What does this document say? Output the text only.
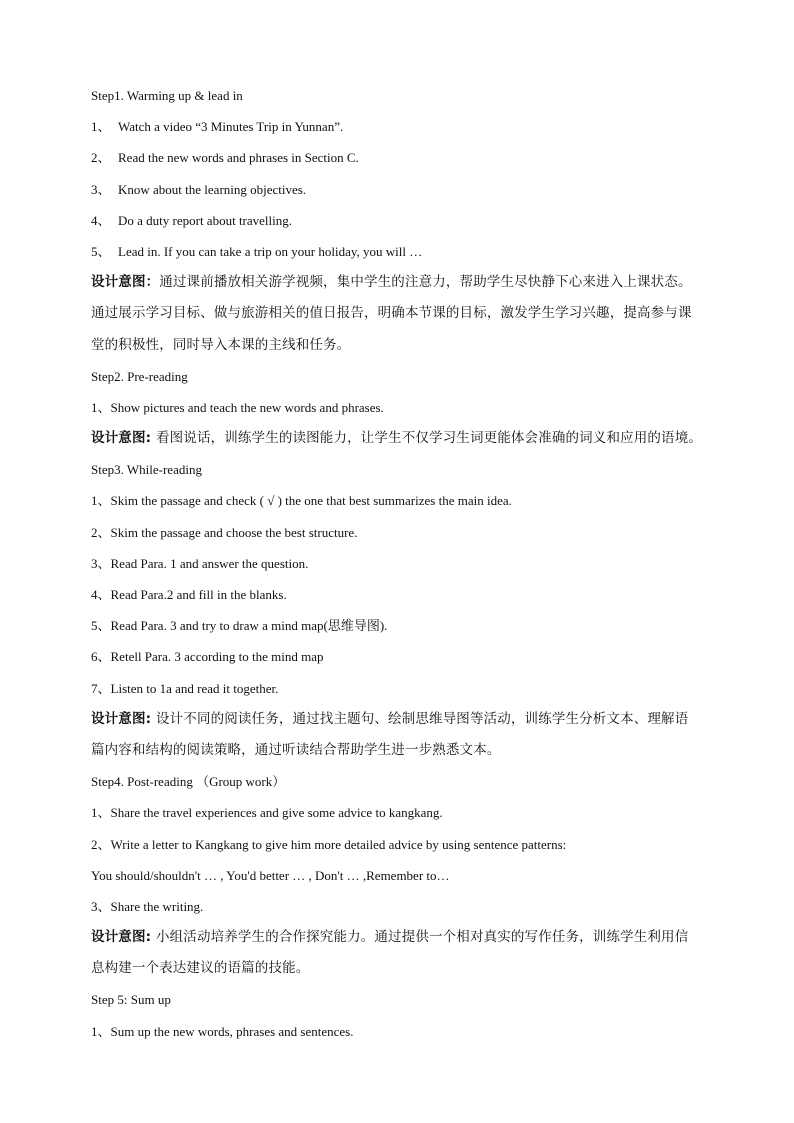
Step1. Warming up & lead in
1、 Watch a video “3 Minutes Trip in Yunnan”.
2、 Read the new words and phrases in Section C.
3、 Know about the learning objectives.
4、 Do a duty report about travelling.
5、 Lead in. If you can take a trip on your holiday, you will …
设计意图：通过课前播放相关游学视频，集中学生的注意力，帮助学生尽快静下心来进入上课状态。
通过展示学习目标、做与旅游相关的值日报告，明确本节课的目标，激发学生学习兴趣，提高参与课
堂的积极性，同时导入本课的主线和任务。
Step2. Pre-reading
1、Show pictures and teach the new words and phrases.
设计意图: 看图说话，训练学生的读图能力，让学生不仅学习生词更能体会准确的词义和应用的语境。
Step3. While-reading
1、Skim the passage and check ( √ ) the one that best summarizes the main idea.
2、Skim the passage and choose the best structure.
3、Read Para. 1 and answer the question.
4、Read Para.2 and fill in the blanks.
5、Read Para. 3 and try to draw a mind map(思维导图).
6、Retell Para. 3 according to the mind map
7、Listen to 1a and read it together.
设计意图: 设计不同的阅读任务，通过找主题句、绘制思维导图等活动，训练学生分析文本、理解语
篇内容和结构的阅读策略，通过听读结合帮助学生进一步熟悉文本。
Step4. Post-reading （Group work）
1、Share the travel experiences and give some advice to kangkang.
2、Write a letter to Kangkang to give him more detailed advice by using sentence patterns:
You should/shouldn't … , You'd better … , Don't … ,Remember to…
3、Share the writing.
设计意图: 小组活动培养学生的合作探究能力。通过提供一个相对真实的写作任务，训练学生利用信
息构建一个表达建议的语篇的技能。
Step 5: Sum up
1、Sum up the new words, phrases and sentences.
